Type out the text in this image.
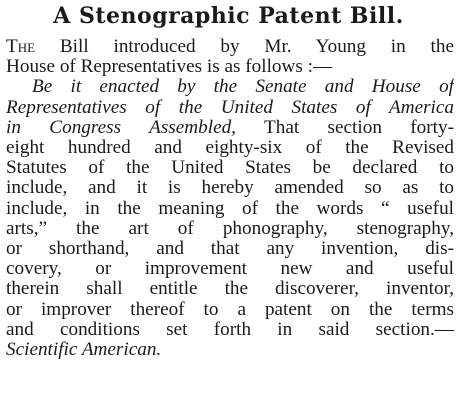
A Stenographic Patent Bill.
The Bill introduced by Mr. Young in the
House of Representatives is as follows :—
Be it enacted by the Senate and House of
Representatives of the United States of America
in Congress Assembled, That section forty-
eight hundred and eighty-six of the Revised
Statutes of the United States be declared to
include, and it is hereby amended so as to
include, in the meaning of the words “ useful
arts,” the art of phonography, stenography,
or shorthand, and that any invention, dis-
covery, or improvement new and useful
therein shall entitle the discoverer, inventor,
or improver thereof to a patent on the terms
and conditions set forth in said section.—
Scientific American.
